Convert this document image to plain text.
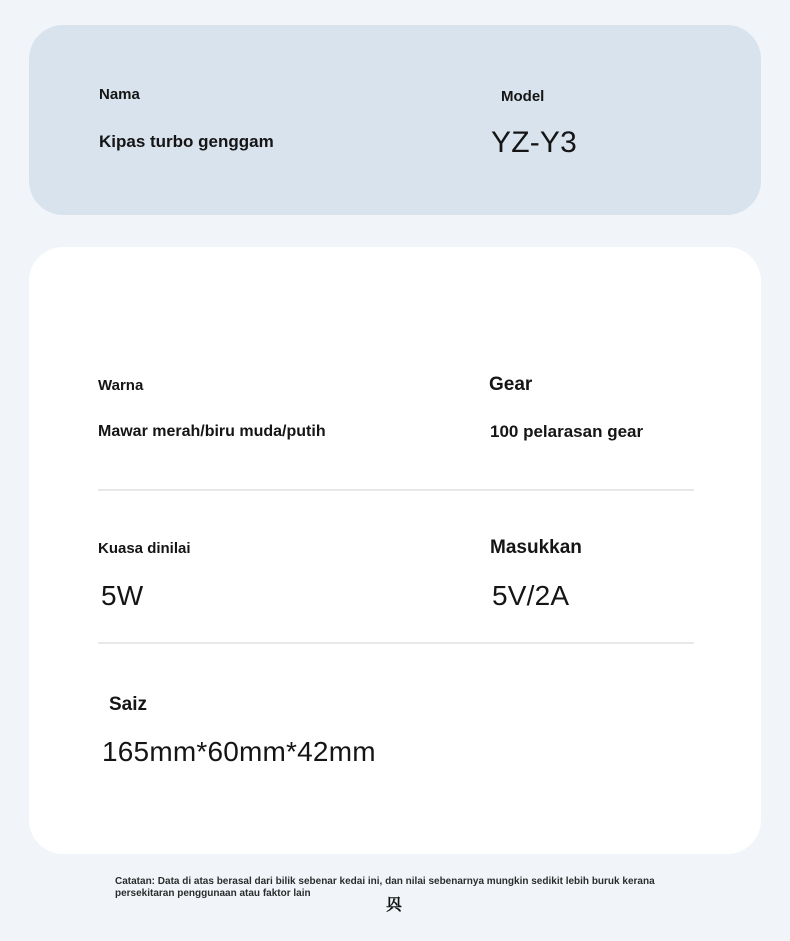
Nama
Kipas turbo genggam
Model
YZ-Y3
Warna
Mawar merah/biru muda/putih
Gear
100 pelarasan gear
Kuasa dinilai
5W
Masukkan
5V/2A
Saiz
165mm*60mm*42mm
Catatan: Data di atas berasal dari bilik sebenar kedai ini, dan nilai sebenarnya mungkin sedikit lebih buruk kerana persekitaran penggunaan atau faktor lain
㒷
